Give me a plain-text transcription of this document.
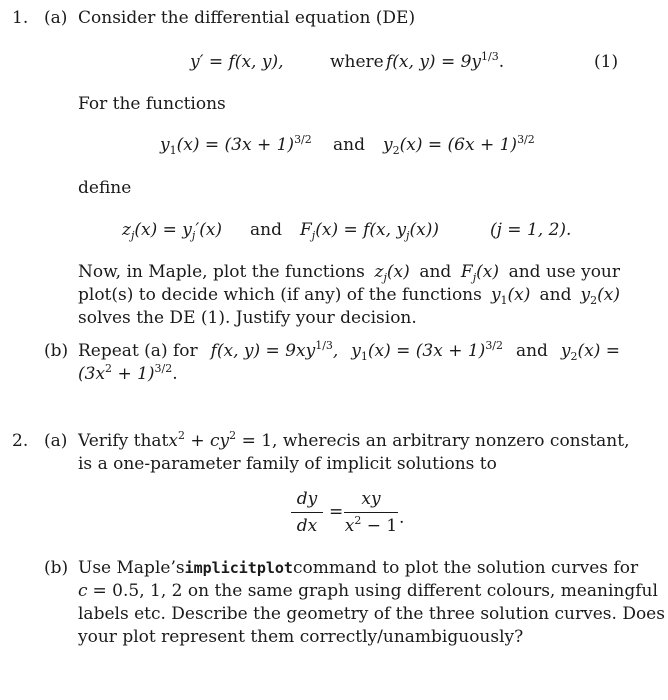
1. (a) Consider the differential equation (DE)
y′ = f(x, y),	where f(x, $y) = 9y^{1/3}$.	(1)
For the functions
$y_1(x) = (3x + 1)^{3/2}$ and $y_2(x) = (6x + 1)^{3/2}$
define
$z_j(x) = y_j'(x)$ and $F_j(x) = f(x$, $y_j(x)$)	(j = 1, 2).
Now, in Maple, plot the functions $z_j(x)$ and $F_j(x)$ and use your
plot(s) to decide which (if any) of the functions $y_1(x)$ and $y_2(x)$
solves the DE (1). Justify your decision.
(b) Repeat (a) for f(x, $y) = 9xy^{1/3}$, $y_1(x) = (3x + 1)^{3/2}$ and $y_2(x)$ =
$(3x^2 + 1)^{3/2}$.
2. (a) Verify that $x^2 + cy^2 = 1$, where c is an arbitrary nonzero constant,
is a one-parameter family of implicit solutions to
dy
dx
=
xy
$x^2 - 1$ .
(b) Use Maple’s implicitplot command to plot the solution curves for
c = 0.5, 1, 2 on the same graph using different colours, meaningful
labels etc. Describe the geometry of the three solution curves. Does
your plot represent them correctly/unambiguously?
